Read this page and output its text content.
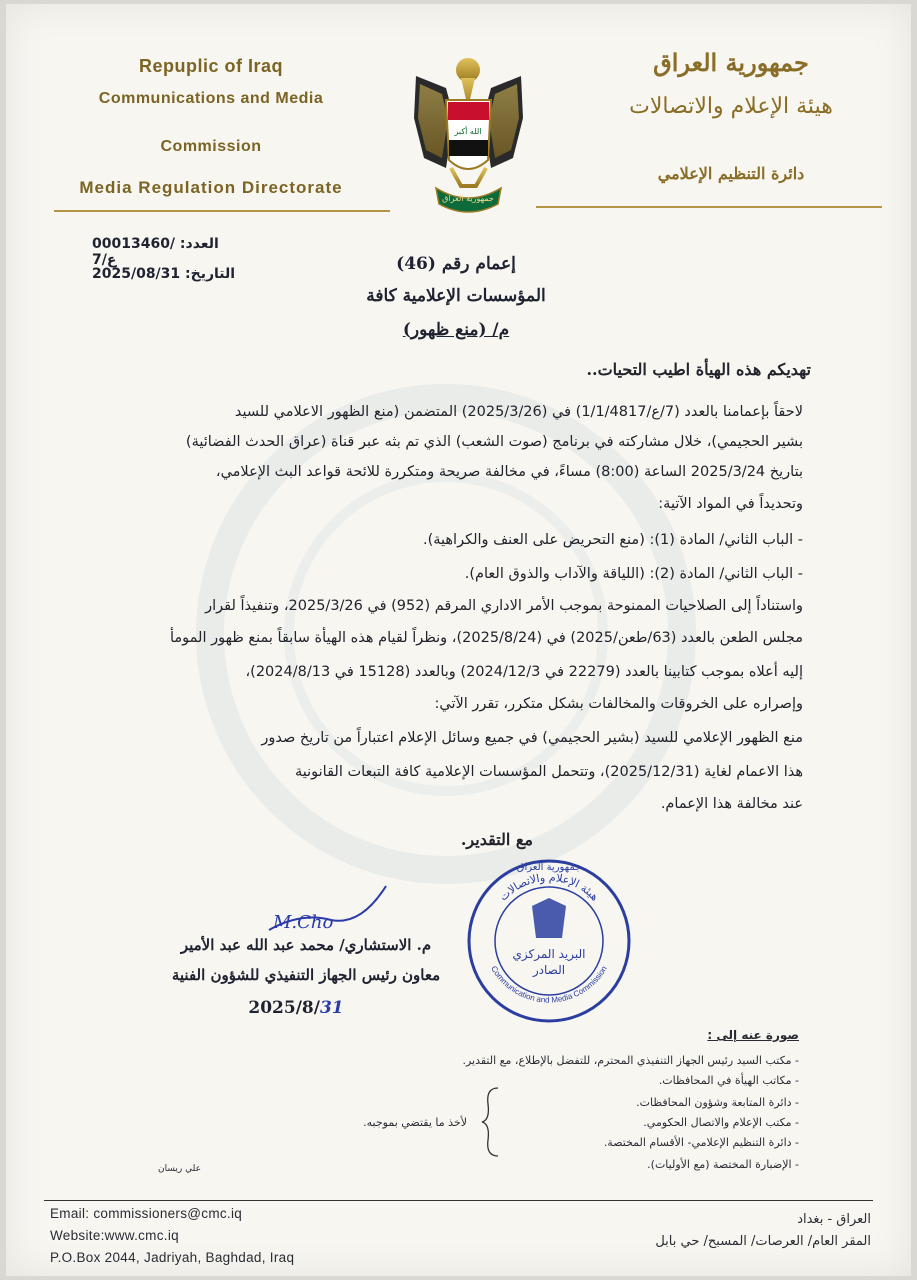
Repuplic of Iraq
Communications and Media
Commission
Media Regulation Directorate
جمهورية العراق
هيئة الإعلام والاتصالات
دائرة التنظيم الإعلامي
الله أكبر
جمهورية العراق
العدد: 00013460/ع/7
التاريخ: 2025/08/31	إعمام رقم (46)
المؤسسات الإعلامية كافة
م/ (منع ظهور)
تهديكم هذه الهيأة اطيب التحيات..
لاحقاً بإعمامنا بالعدد (7/ع/1/1/4817) في (2025/3/26) المتضمن (منع الظهور الاعلامي للسيد
بشير الحجيمي)، خلال مشاركته في برنامج (صوت الشعب) الذي تم بثه عبر قناة (عراق الحدث الفضائية)
بتاريخ 2025/3/24 الساعة (8:00) مساءً، في مخالفة صريحة ومتكررة للائحة قواعد البث الإعلامي،
وتحديداً في المواد الآتية:
- الباب الثاني/ المادة (1): (منع التحريض على العنف والكراهية).
- الباب الثاني/ المادة (2): (اللياقة والآداب والذوق العام).
واستناداً إلى الصلاحيات الممنوحة بموجب الأمر الاداري المرقم (952) في 2025/3/26، وتنفيذاً لقرار
مجلس الطعن بالعدد (63/طعن/2025) في (2025/8/24)، ونظراً لقيام هذه الهيأة سابقاً بمنع ظهور المومأ
إليه أعلاه بموجب كتابينا بالعدد (22279 في 2024/12/3) وبالعدد (15128 في 2024/8/13)،
وإصراره على الخروقات والمخالفات بشكل متكرر، تقرر الآتي:
منع الظهور الإعلامي للسيد (بشير الحجيمي) في جميع وسائل الإعلام اعتباراً من تاريخ صدور
هذا الاعمام لغاية (2025/12/31)، وتتحمل المؤسسات الإعلامية كافة التبعات القانونية
عند مخالفة هذا الإعمام.
مع التقدير.
M.Cho
م. الاستشاري/ محمد عبد الله عبد الأمير
معاون رئيس الجهاز التنفيذي للشؤون الفنية
2025/8/31
هيئة الإعلام والاتصالات
جمهورية العراق
Communication and Media Commission
البريد المركزي
الصادر
صورة عنه إلى :
- مكتب السيد رئيس الجهاز التنفيذي المحترم، للتفضل بالإطلاع، مع التقدير.
- مكاتب الهيأة في المحافظات.
- دائرة المتابعة وشؤون المحافظات.
- مكتب الإعلام والاتصال الحكومي.
- دائرة التنظيم الإعلامي- الأقسام المختصة.
- الإضبارة المختصة (مع الأوليات).
لأخذ ما يقتضي بموجبه.
علي ريسان
Email: commissioners@cmc.iq
Website:www.cmc.iq
P.O.Box 2044, Jadriyah, Baghdad, Iraq
العراق - بغداد
المقر العام/ العرصات/ المسبح/ حي بابل
